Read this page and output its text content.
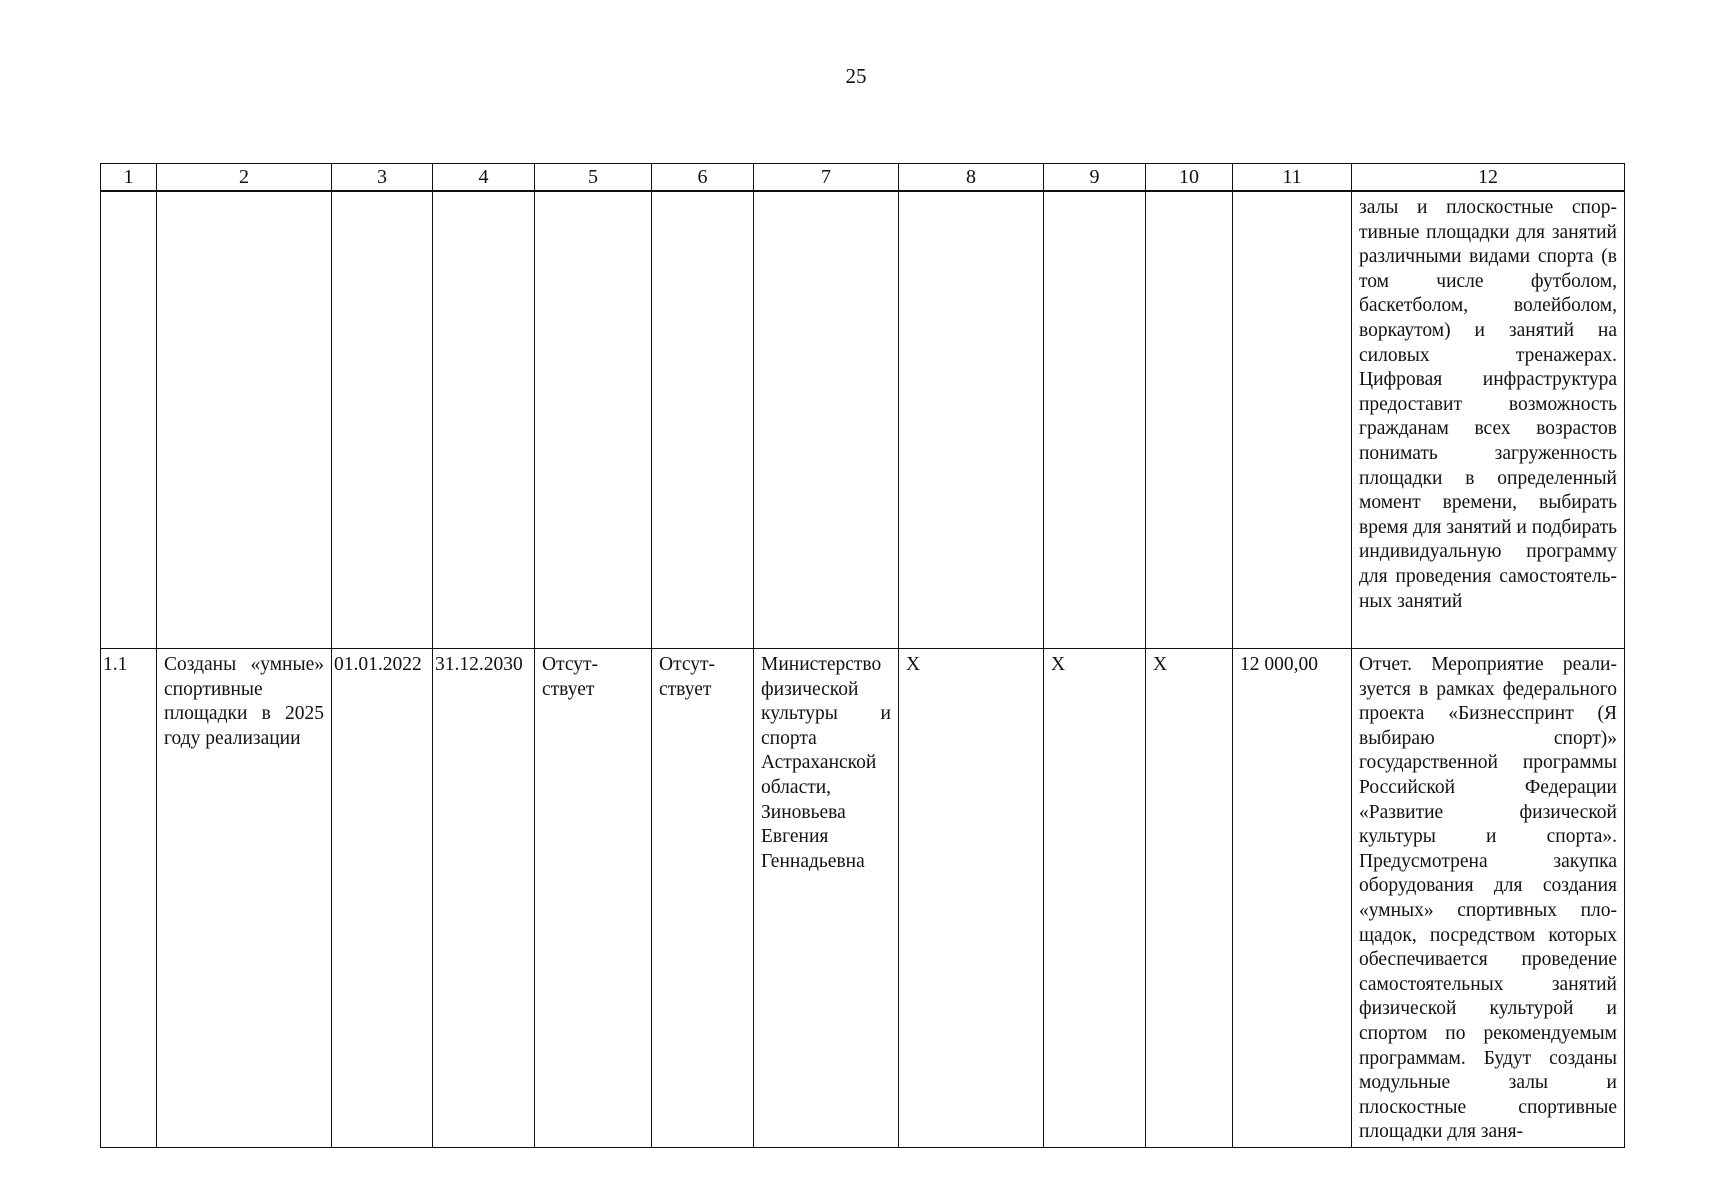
25
1	2	3	4	5	6	7	8	9	10	11	12
											залы и плоскостные спортивные площадки для занятий различными видами спорта (в том числе футболом, баскетболом, волейболом, воркаутом) и занятий на силовых тренажерах. Цифровая инфраструктура предоставит возможность гражданам всех возрастов понимать загруженность площадки в определенный момент времени, выбирать время для занятий и подбирать индивидуальную программу для проведения самостоятельных занятий
1.1	Созданы «умные» спортивные площадки в 2025 году реализации	01.01.2022	31.12.2030	Отсутствует	Отсутствует	Министерство физической культуры и спорта Астраханской области, Зиновьева Евгения Геннадьевна	X	X	X	12 000,00	Отчет. Мероприятие реализуется в рамках федерального проекта «Бизнесспринт (Я выбираю спорт)» государственной программы Российской Федерации «Развитие физической культуры и спорта». Предусмотрена закупка оборудования для создания «умных» спортивных площадок, посредством которых обеспечивается проведение самостоятельных занятий физической культурой и спортом по рекомендуемым программам. Будут созданы модульные залы и плоскостные спортивные площадки для заня-
